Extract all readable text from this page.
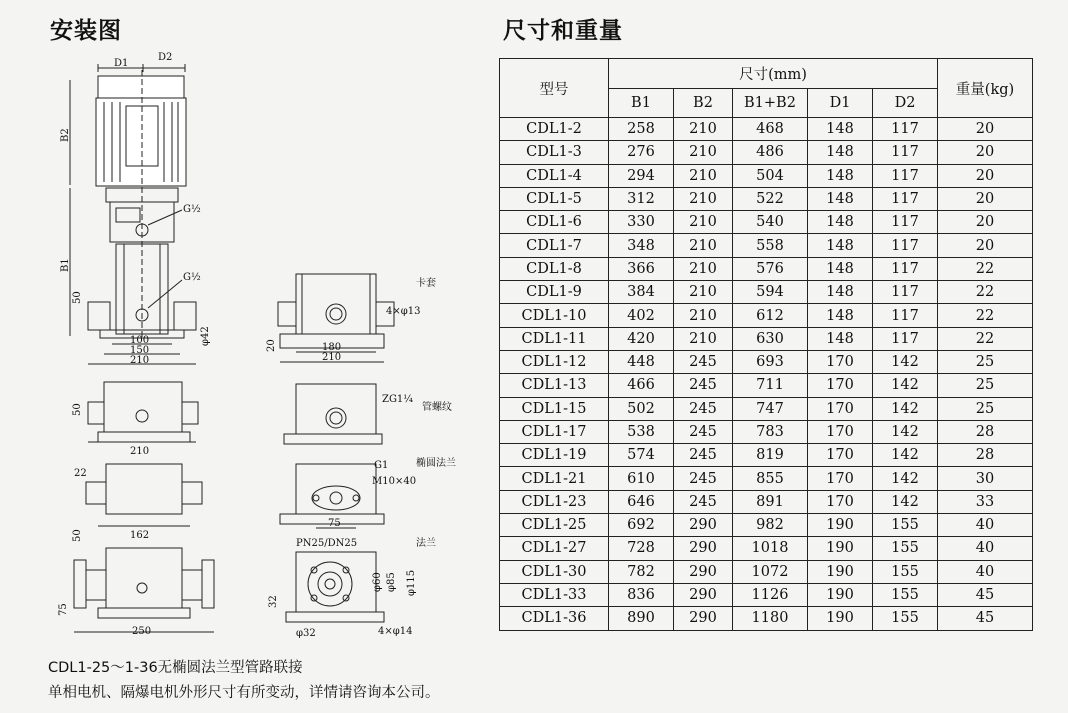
安装图	尺寸和重量
D1
D2
B2
G½
G½
B1
50
φ42
100
150
210
卡套
4×φ13
20	180
210
50
210
ZG1¼
管螺纹
22
50	162
G1	椭圆法兰
M10×40
75
75
250
PN25/DN25	法兰
φ60 φ85 φ115
32
φ32	4×φ14
型号	尺寸(mm)					重量(kg)
	B1	B2	B1+B2	D1	D2	
CDL1-2	258	210	468	148	117	20
CDL1-3	276	210	486	148	117	20
CDL1-4	294	210	504	148	117	20
CDL1-5	312	210	522	148	117	20
CDL1-6	330	210	540	148	117	20
CDL1-7	348	210	558	148	117	20
CDL1-8	366	210	576	148	117	22
CDL1-9	384	210	594	148	117	22
CDL1-10	402	210	612	148	117	22
CDL1-11	420	210	630	148	117	22
CDL1-12	448	245	693	170	142	25
CDL1-13	466	245	711	170	142	25
CDL1-15	502	245	747	170	142	25
CDL1-17	538	245	783	170	142	28
CDL1-19	574	245	819	170	142	28
CDL1-21	610	245	855	170	142	30
CDL1-23	646	245	891	170	142	33
CDL1-25	692	290	982	190	155	40
CDL1-27	728	290	1018	190	155	40
CDL1-30	782	290	1072	190	155	40
CDL1-33	836	290	1126	190	155	45
CDL1-36	890	290	1180	190	155	45
CDL1-25～1-36无椭圆法兰型管路联接
单相电机、隔爆电机外形尺寸有所变动，详情请咨询本公司。
